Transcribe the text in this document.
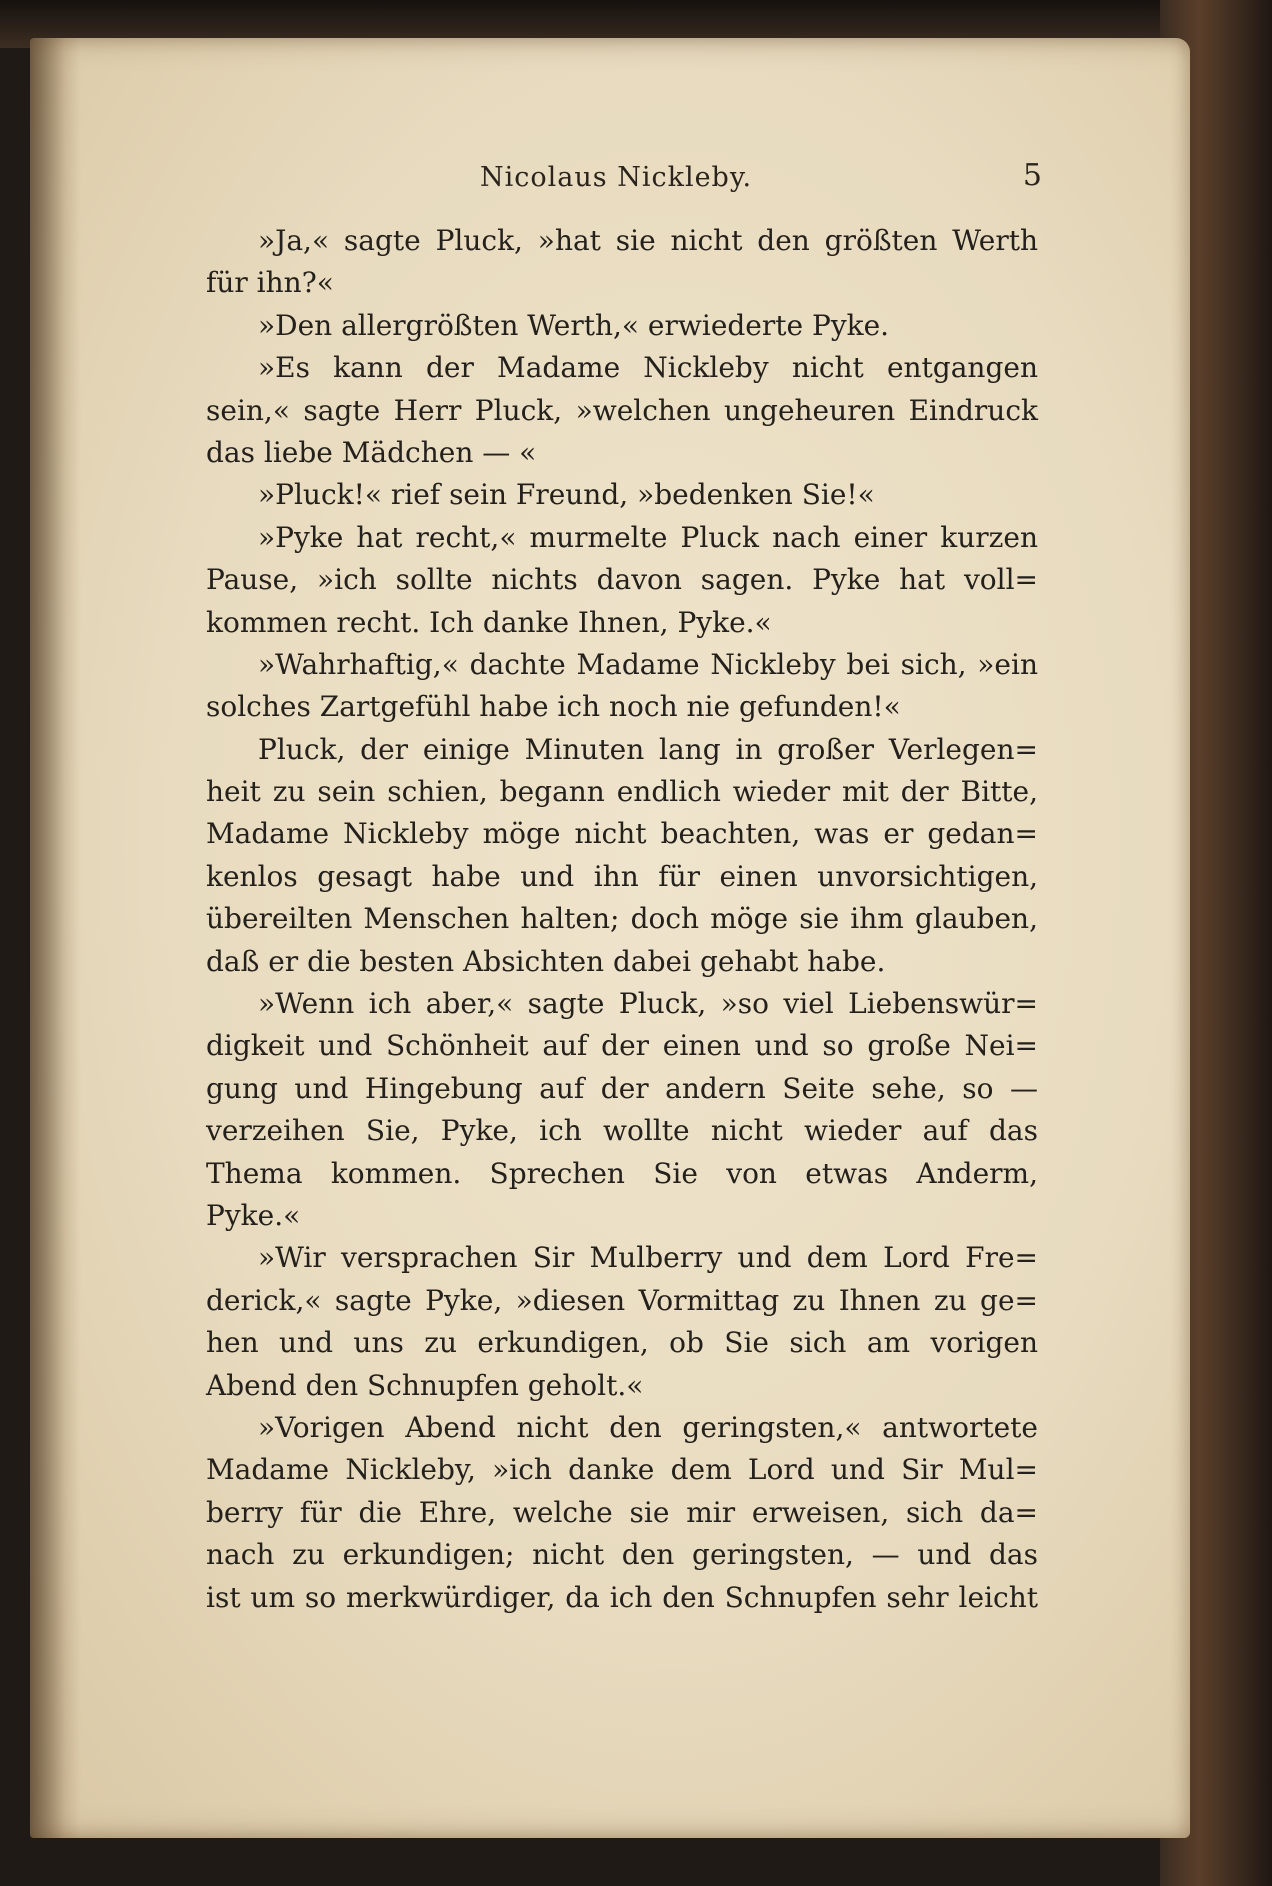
Nicolaus Nickleby.	5
»Ja,« sagte Pluck, »hat sie nicht den größten Werth
für ihn?«
»Den allergrößten Werth,« erwiederte Pyke.
»Es kann der Madame Nickleby nicht entgangen
sein,« sagte Herr Pluck, »welchen ungeheuren Eindruck
das liebe Mädchen — «
»Pluck!« rief sein Freund, »bedenken Sie!«
»Pyke hat recht,« murmelte Pluck nach einer kurzen
Pause, »ich sollte nichts davon sagen. Pyke hat voll=
kommen recht. Ich danke Ihnen, Pyke.«
»Wahrhaftig,« dachte Madame Nickleby bei sich, »ein
solches Zartgefühl habe ich noch nie gefunden!«
Pluck, der einige Minuten lang in großer Verlegen=
heit zu sein schien, begann endlich wieder mit der Bitte,
Madame Nickleby möge nicht beachten, was er gedan=
kenlos gesagt habe und ihn für einen unvorsichtigen,
übereilten Menschen halten; doch möge sie ihm glauben,
daß er die besten Absichten dabei gehabt habe.
»Wenn ich aber,« sagte Pluck, »so viel Liebenswür=
digkeit und Schönheit auf der einen und so große Nei=
gung und Hingebung auf der andern Seite sehe, so —
verzeihen Sie, Pyke, ich wollte nicht wieder auf das
Thema kommen. Sprechen Sie von etwas Anderm,
Pyke.«
»Wir versprachen Sir Mulberry und dem Lord Fre=
derick,« sagte Pyke, »diesen Vormittag zu Ihnen zu ge=
hen und uns zu erkundigen, ob Sie sich am vorigen
Abend den Schnupfen geholt.«
»Vorigen Abend nicht den geringsten,« antwortete
Madame Nickleby, »ich danke dem Lord und Sir Mul=
berry für die Ehre, welche sie mir erweisen, sich da=
nach zu erkundigen; nicht den geringsten, — und das
ist um so merkwürdiger, da ich den Schnupfen sehr leicht
